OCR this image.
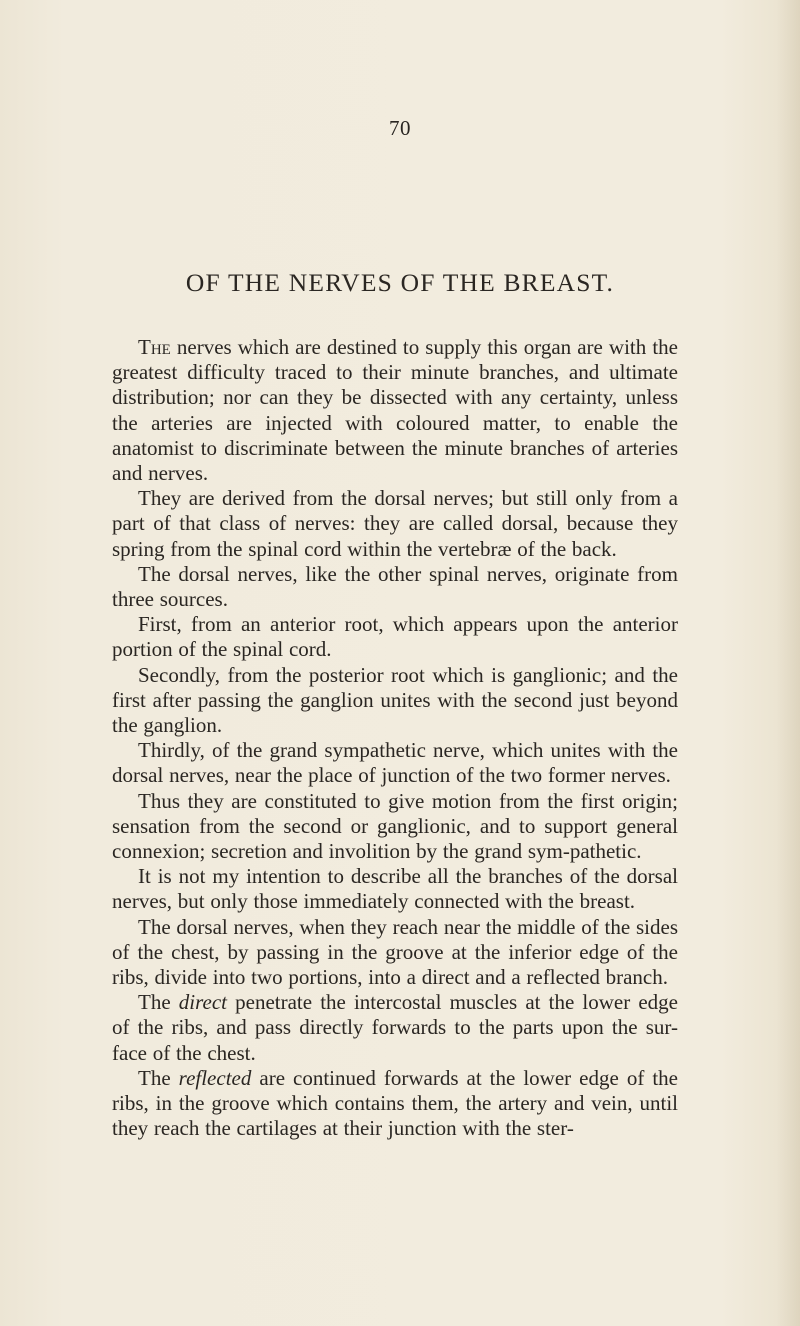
70
OF THE NERVES OF THE BREAST.

The nerves which are destined to supply this organ are with the greatest difficulty traced to their minute branches, and ultimate distribution; nor can they be dissected with any certainty, unless the arteries are injected with coloured matter, to enable the anatomist to discriminate between the minute branches of arteries and nerves.

They are derived from the dorsal nerves; but still only from a part of that class of nerves: they are called dorsal, because they spring from the spinal cord within the vertebræ of the back.

The dorsal nerves, like the other spinal nerves, originate from three sources.

First, from an anterior root, which appears upon the anterior portion of the spinal cord.

Secondly, from the posterior root which is ganglionic; and the first after passing the ganglion unites with the second just beyond the ganglion.

Thirdly, of the grand sympathetic nerve, which unites with the dorsal nerves, near the place of junction of the two former nerves.

Thus they are constituted to give motion from the first origin; sensation from the second or ganglionic, and to support general connexion; secretion and involition by the grand sym-pathetic.

It is not my intention to describe all the branches of the dorsal nerves, but only those immediately connected with the breast.

The dorsal nerves, when they reach near the middle of the sides of the chest, by passing in the groove at the inferior edge of the ribs, divide into two portions, into a direct and a reflected branch.

The direct penetrate the intercostal muscles at the lower edge of the ribs, and pass directly forwards to the parts upon the sur-face of the chest.

The reflected are continued forwards at the lower edge of the ribs, in the groove which contains them, the artery and vein, until they reach the cartilages at their junction with the ster-
